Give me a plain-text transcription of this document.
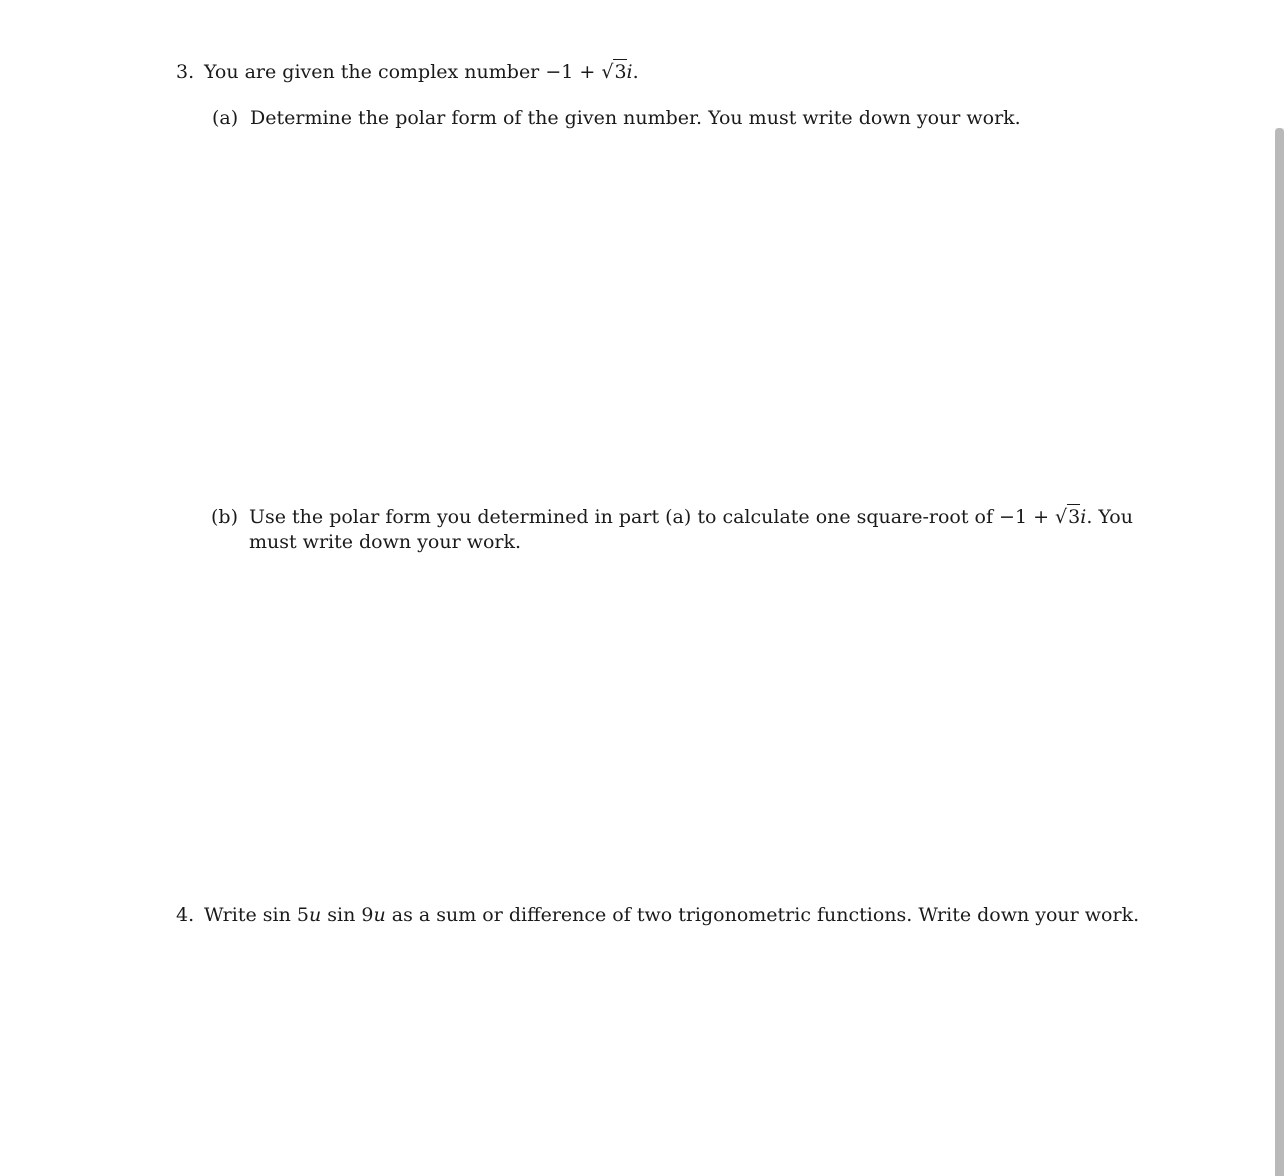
3. You are given the complex number −1 + √3i.
(a) Determine the polar form of the given number. You must write down your work.
(b) Use the polar form you determined in part (a) to calculate one square-root of −1 + √3i. You
must write down your work.
4. Write sin 5u sin 9u as a sum or difference of two trigonometric functions. Write down your work.
